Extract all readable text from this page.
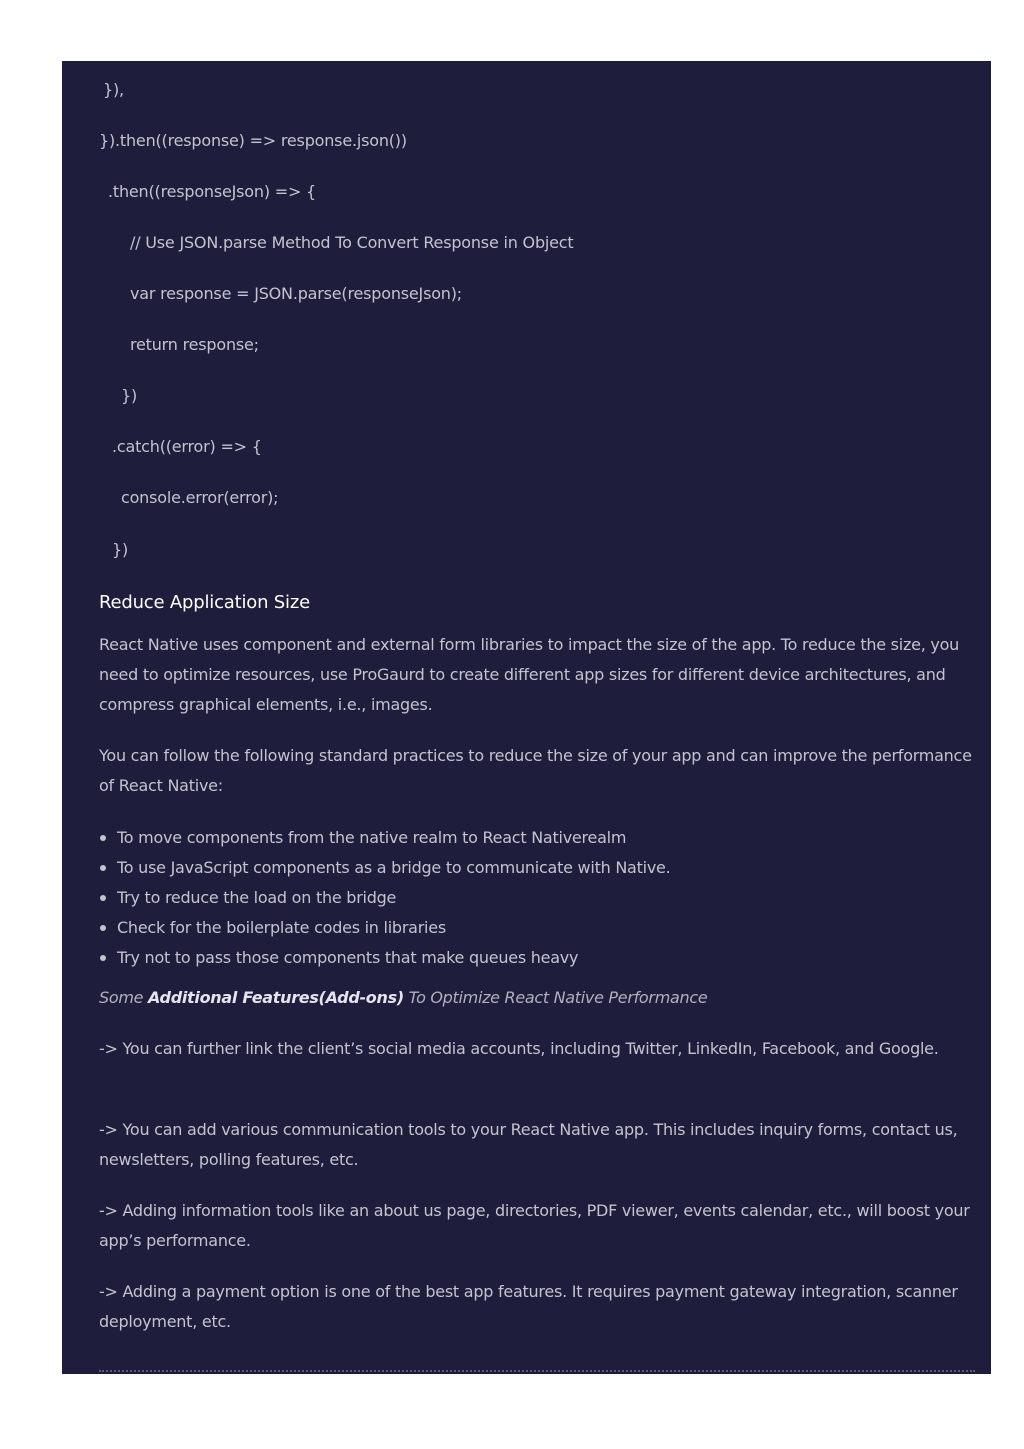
}),

}).then((response) => response.json())

.then((responseJson) => {

// Use JSON.parse Method To Convert Response in Object

var response = JSON.parse(responseJson);

return response;

})

.catch((error) => {

console.error(error);

})

Reduce Application Size

React Native uses component and external form libraries to impact the size of the app. To reduce the size, you need to optimize resources, use ProGaurd to create different app sizes for different device architectures, and compress graphical elements, i.e., images.

You can follow the following standard practices to reduce the size of your app and can improve the performance of React Native:

To move components from the native realm to React Nativerealm
To use JavaScript components as a bridge to communicate with Native.
Try to reduce the load on the bridge
Check for the boilerplate codes in libraries
Try not to pass those components that make queues heavy

Some Additional Features(Add-ons) To Optimize React Native Performance

-> You can further link the client’s social media accounts, including Twitter, LinkedIn, Facebook, and Google.

-> You can add various communication tools to your React Native app. This includes inquiry forms, contact us, newsletters, polling features, etc.

-> Adding information tools like an about us page, directories, PDF viewer, events calendar, etc., will boost your app’s performance.

-> Adding a payment option is one of the best app features. It requires payment gateway integration, scanner deployment, etc.
